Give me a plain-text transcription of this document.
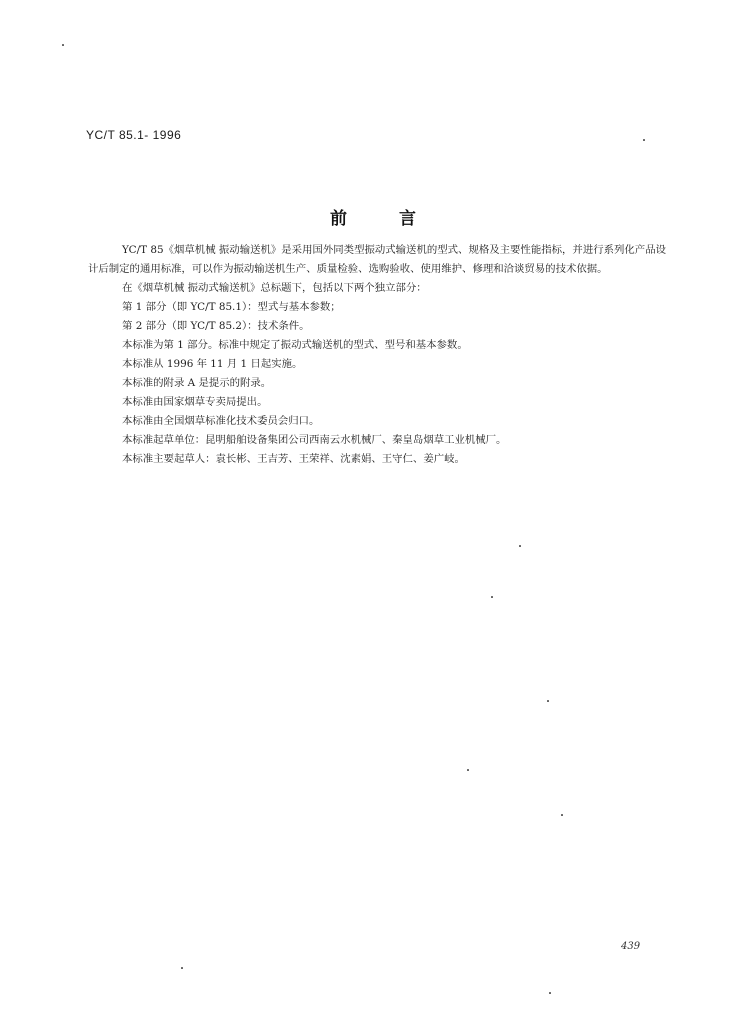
YC/T 85.1- 1996
前言

YC/T 85《烟草机械 振动输送机》是采用国外同类型振动式输送机的型式、规格及主要性能指标，并进行系列化产品设计后制定的通用标准，可以作为振动输送机生产、质量检验、选购验收、使用维护、修理和洽谈贸易的技术依据。

在《烟草机械 振动式输送机》总标题下，包括以下两个独立部分：

第 1 部分（即 YC/T 85.1）：型式与基本参数；

第 2 部分（即 YC/T 85.2）：技术条件。

本标准为第 1 部分。标准中规定了振动式输送机的型式、型号和基本参数。

本标准从 1996 年 11 月 1 日起实施。

本标准的附录 A 是提示的附录。

本标准由国家烟草专卖局提出。

本标准由全国烟草标准化技术委员会归口。

本标准起草单位：昆明船舶设备集团公司西南云水机械厂、秦皇岛烟草工业机械厂。

本标准主要起草人：袁长彬、王吉芳、王荣祥、沈素娟、王守仁、姜广岐。

439
